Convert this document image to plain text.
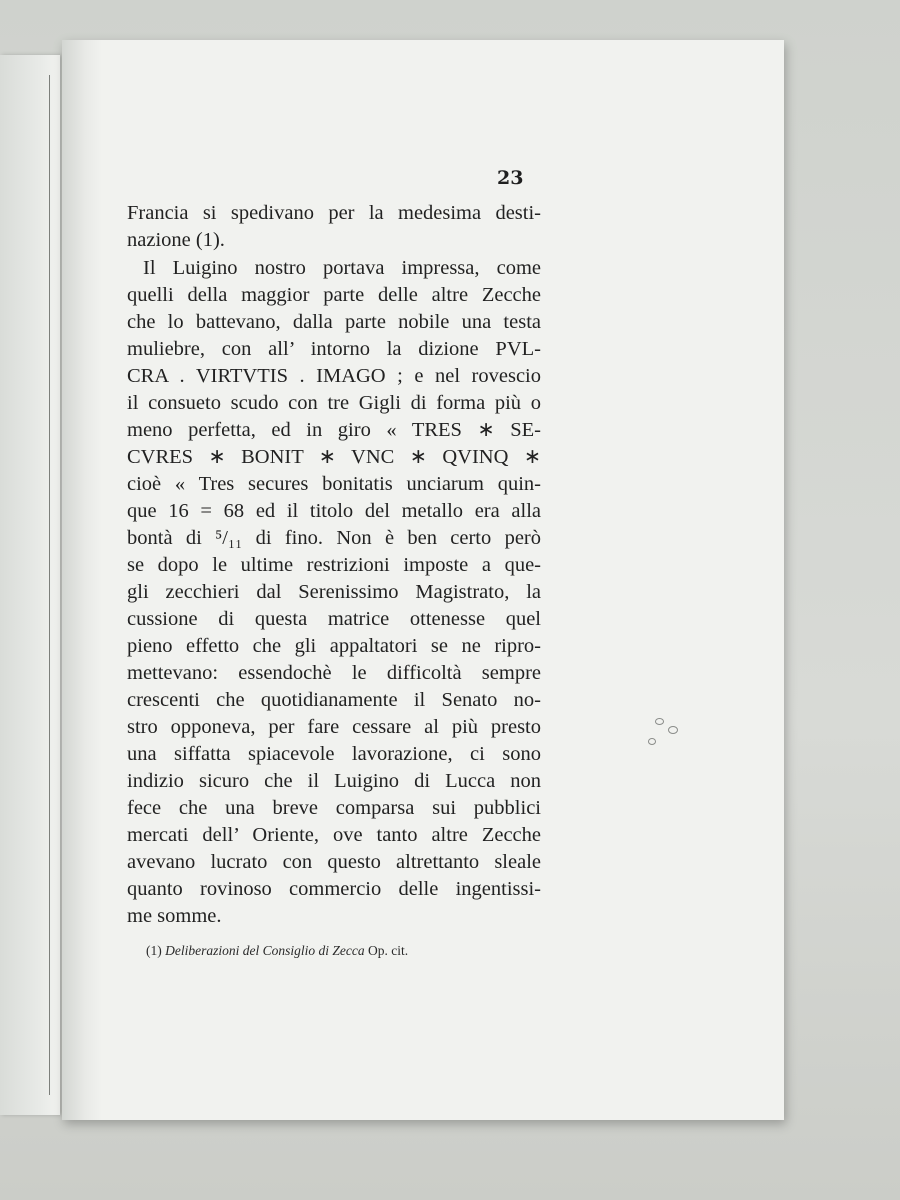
23

Francia si spedivano per la medesima desti-

nazione (1).

Il Luigino nostro portava impressa, come

quelli della maggior parte delle altre Zecche

che lo battevano, dalla parte nobile una testa

muliebre, con all’ intorno la dizione PVL-

CRA . VIRTVTIS . IMAGO ; e nel rovescio

il consueto scudo con tre Gigli di forma più o

meno perfetta, ed in giro « TRES ∗ SE-

CVRES ∗ BONIT ∗ VNC ∗ QVINQ ∗

cioè « Tres secures bonitatis unciarum quin-

que 16 = 68 ed il titolo del metallo era alla

bontà di ⁵/₁₁ di fino. Non è ben certo però

se dopo le ultime restrizioni imposte a que-

gli zecchieri dal Serenissimo Magistrato, la

cussione di questa matrice ottenesse quel

pieno effetto che gli appaltatori se ne ripro-

mettevano: essendochè le difficoltà sempre

crescenti che quotidianamente il Senato no-

stro opponeva, per fare cessare al più presto

una siffatta spiacevole lavorazione, ci sono

indizio sicuro che il Luigino di Lucca non

fece che una breve comparsa sui pubblici

mercati dell’ Oriente, ove tanto altre Zecche

avevano lucrato con questo altrettanto sleale

quanto rovinoso commercio delle ingentissi-

me somme.

(1) Deliberazioni del Consiglio di Zecca Op. cit.
